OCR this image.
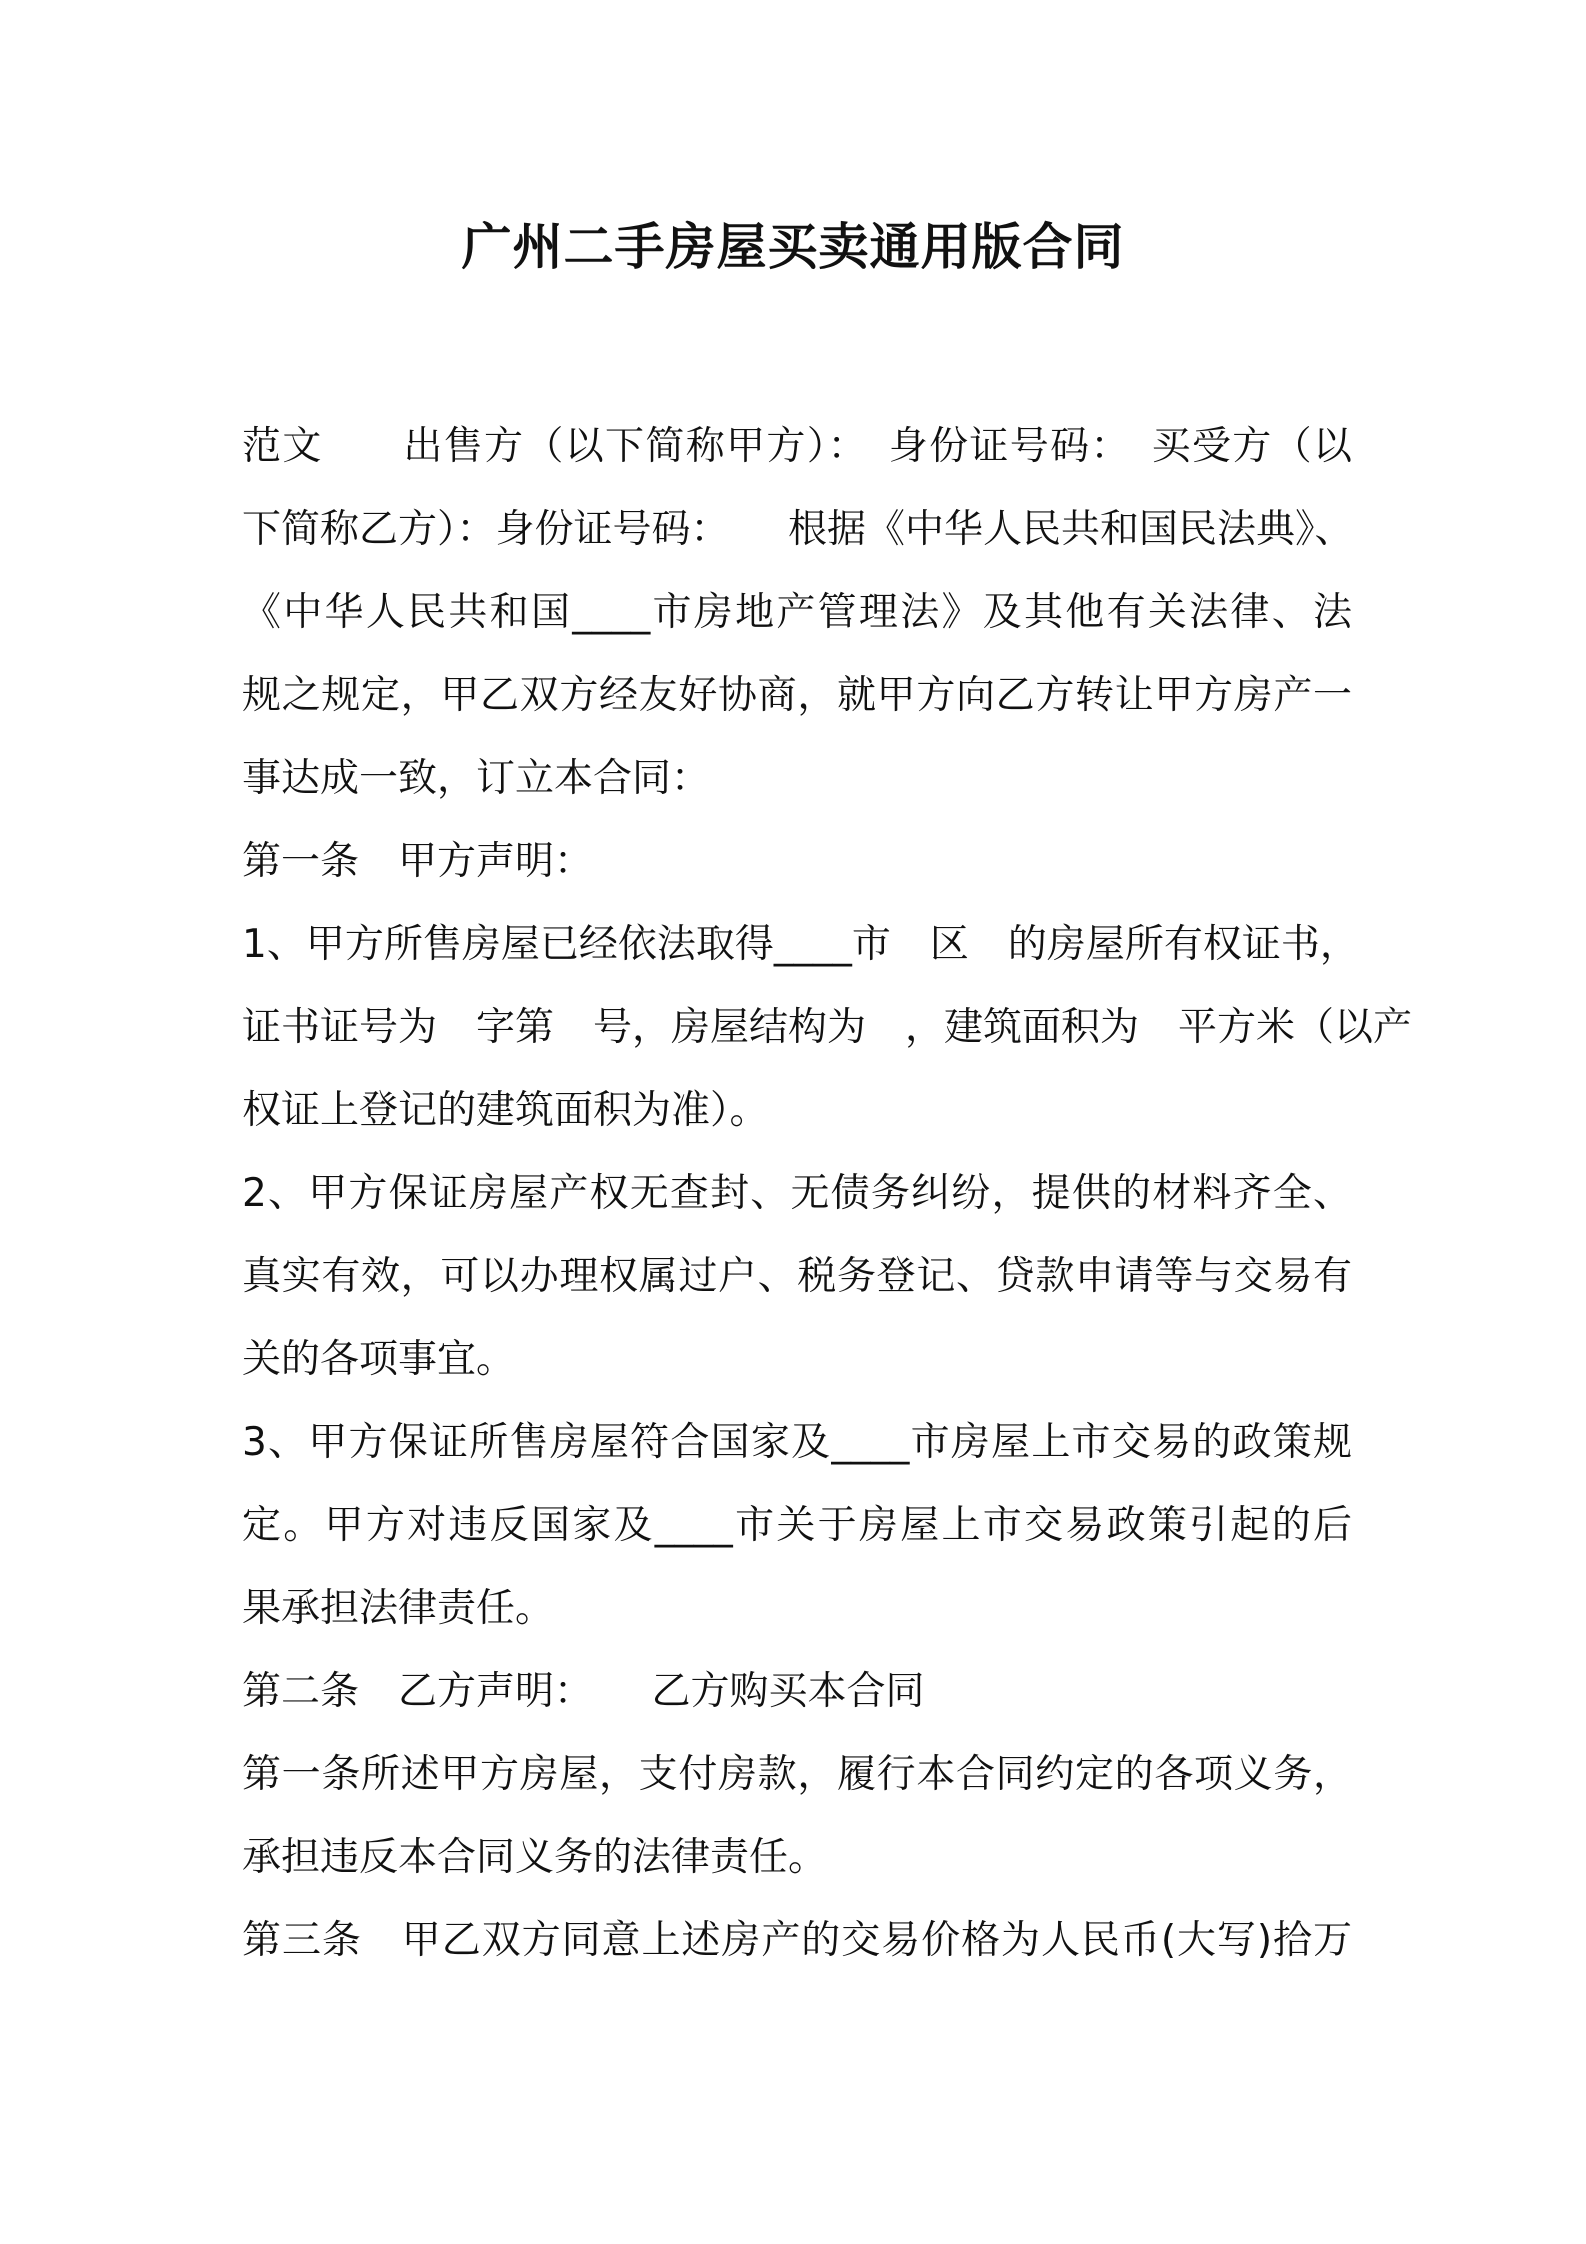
广州二手房屋买卖通用版合同
范文　　出售方（以下简称甲方）：　身份证号码：　买受方（以
下简称乙方）：身份证号码：　　根据《中华人民共和国民法典》、
《中华人民共和国____市房地产管理法》及其他有关法律、法
规之规定，甲乙双方经友好协商，就甲方向乙方转让甲方房产一
事达成一致，订立本合同：
第一条　甲方声明：
1、甲方所售房屋已经依法取得____市　区　的房屋所有权证书，
证书证号为　字第　号，房屋结构为　，建筑面积为　平方米（以产
权证上登记的建筑面积为准）。
2、甲方保证房屋产权无查封、无债务纠纷，提供的材料齐全、
真实有效，可以办理权属过户、税务登记、贷款申请等与交易有
关的各项事宜。
3、甲方保证所售房屋符合国家及____市房屋上市交易的政策规
定。甲方对违反国家及____市关于房屋上市交易政策引起的后
果承担法律责任。
第二条　乙方声明：　　乙方购买本合同
第一条所述甲方房屋，支付房款，履行本合同约定的各项义务，
承担违反本合同义务的法律责任。
第三条　甲乙双方同意上述房产的交易价格为人民币(大写)拾万
